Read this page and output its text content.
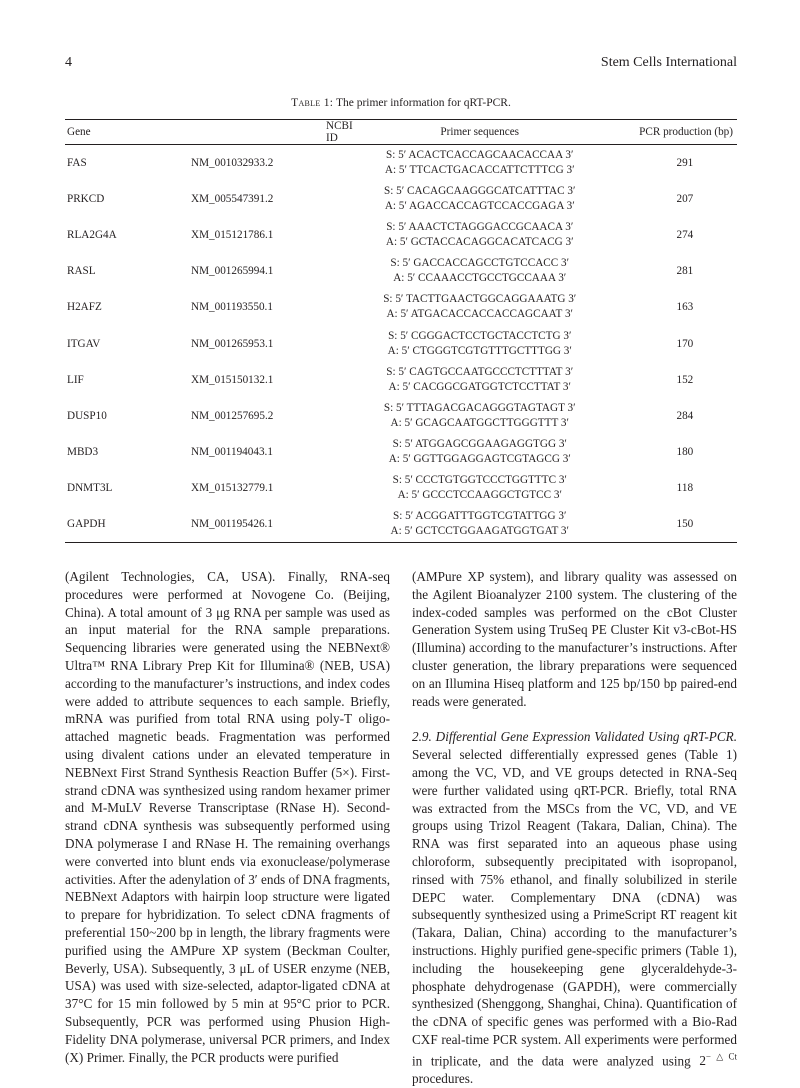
4	Stem Cells International
Table 1: The primer information for qRT-PCR.
Gene	NCBI ID	Primer sequences	PCR production (bp)
FAS	NM_001032933.2	S: 5′ ACACTCACCAGCAACACCAA 3′
A: 5′ TTCACTGACACCATTCTTTCG 3′	291
PRKCD	XM_005547391.2	S: 5′ CACAGCAAGGGCATCATTTAC 3′
A: 5′ AGACCACCAGTCCACCGAGA 3′	207
RLA2G4A	XM_015121786.1	S: 5′ AAACTCTAGGGACCGCAACA 3′
A: 5′ GCTACCACAGGCACATCACG 3′	274
RASL	NM_001265994.1	S: 5′ GACCACCAGCCTGTCCACC 3′
A: 5′ CCAAACCTGCCTGCCAAA 3′	281
H2AFZ	NM_001193550.1	S: 5′ TACTTGAACTGGCAGGAAATG 3′
A: 5′ ATGACACCACCACCAGCAAT 3′	163
ITGAV	NM_001265953.1	S: 5′ CGGGACTCCTGCTACCTCTG 3′
A: 5′ CTGGGTCGTGTTTGCTTTGG 3′	170
LIF	XM_015150132.1	S: 5′ CAGTGCCAATGCCCTCTTTAT 3′
A: 5′ CACGGCGATGGTCTCCTTAT 3′	152
DUSP10	NM_001257695.2	S: 5′ TTTAGACGACAGGGTAGTAGT 3′
A: 5′ GCAGCAATGGCTTGGGTTT 3′	284
MBD3	NM_001194043.1	S: 5′ ATGGAGCGGAAGAGGTGG 3′
A: 5′ GGTTGGAGGAGTCGTAGCG 3′	180
DNMT3L	XM_015132779.1	S: 5′ CCCTGTGGTCCCTGGTTTC 3′
A: 5′ GCCCTCCAAGGCTGTCC 3′	118
GAPDH	NM_001195426.1	S: 5′ ACGGATTTGGTCGTATTGG 3′
A: 5′ GCTCCTGGAAGATGGTGAT 3′	150

(Agilent Technologies, CA, USA). Finally, RNA-seq procedures were performed at Novogene Co. (Beijing, China). A total amount of 3 μg RNA per sample was used as an input material for the RNA sample preparations. Sequencing libraries were generated using the NEBNext® Ultra™ RNA Library Prep Kit for Illumina® (NEB, USA) according to the manufacturer’s instructions, and index codes were added to attribute sequences to each sample. Briefly, mRNA was purified from total RNA using poly-T oligo-attached magnetic beads. Fragmentation was performed using divalent cations under an elevated temperature in NEBNext First Strand Synthesis Reaction Buffer (5×). First-strand cDNA was synthesized using random hexamer primer and M-MuLV Reverse Transcriptase (RNase H). Second-strand cDNA synthesis was subsequently performed using DNA polymerase I and RNase H. The remaining overhangs were converted into blunt ends via exonuclease/polymerase activities. After the adenylation of 3′ ends of DNA fragments, NEBNext Adaptors with hairpin loop structure were ligated to prepare for hybridization. To select cDNA fragments of preferential 150~200 bp in length, the library fragments were purified using the AMPure XP system (Beckman Coulter, Beverly, USA). Subsequently, 3 μL of USER enzyme (NEB, USA) was used with size-selected, adaptor-ligated cDNA at 37°C for 15 min followed by 5 min at 95°C prior to PCR. Subsequently, PCR was performed using Phusion High-Fidelity DNA polymerase, universal PCR primers, and Index (X) Primer. Finally, the PCR products were purified

(AMPure XP system), and library quality was assessed on the Agilent Bioanalyzer 2100 system. The clustering of the index-coded samples was performed on the cBot Cluster Generation System using TruSeq PE Cluster Kit v3-cBot-HS (Illumina) according to the manufacturer’s instructions. After cluster generation, the library preparations were sequenced on an Illumina Hiseq platform and 125 bp/150 bp paired-end reads were generated.

2.9. Differential Gene Expression Validated Using qRT-PCR. Several selected differentially expressed genes (Table 1) among the VC, VD, and VE groups detected in RNA-Seq were further validated using qRT-PCR. Briefly, total RNA was extracted from the MSCs from the VC, VD, and VE groups using Trizol Reagent (Takara, Dalian, China). The RNA was first separated into an aqueous phase using chloroform, subsequently precipitated with isopropanol, rinsed with 75% ethanol, and finally solubilized in sterile DEPC water. Complementary DNA (cDNA) was subsequently synthesized using a PrimeScript RT reagent kit (Takara, Dalian, China) according to the manufacturer’s instructions. Highly purified gene-specific primers (Table 1), including the housekeeping gene glyceraldehyde-3-phosphate dehydrogenase (GAPDH), were commercially synthesized (Shenggong, Shanghai, China). Quantification of the cDNA of specific genes was performed with a Bio-Rad CXF real-time PCR system. All experiments were performed in triplicate, and the data were analyzed using $2^{-\triangle Ct}$ procedures.
